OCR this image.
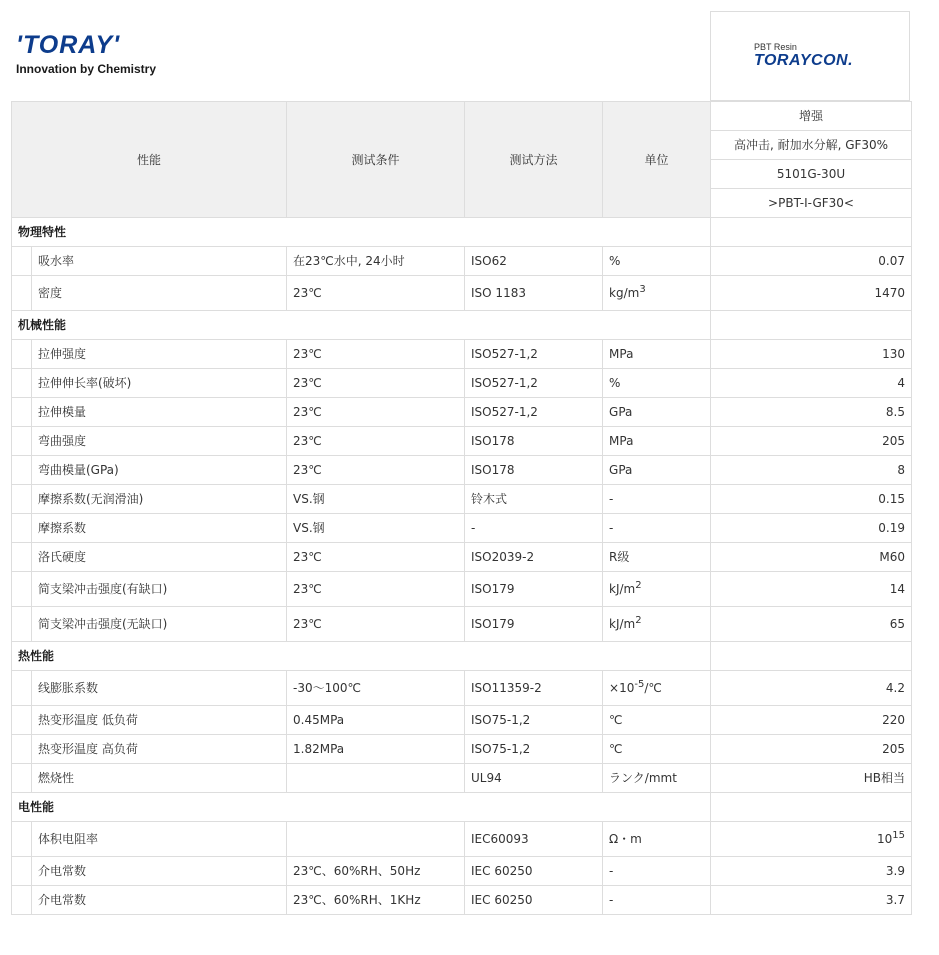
'TORAY'
Innovation by Chemistry
PBT Resin
TORAYCON.
性能		测试条件	测试方法	单位	增强
					高冲击, 耐加水分解, GF30%
					5101G-30U
					>PBT-I-GF30<
物理特性					
	吸水率	在23℃水中, 24小时	ISO62	%	0.07
	密度	23℃	ISO 1183	$kg/m^3$	1470
机械性能					
	拉伸强度	23℃	ISO527-1,2	MPa	130
	拉伸伸长率(破坏)	23℃	ISO527-1,2	%	4
	拉伸模量	23℃	ISO527-1,2	GPa	8.5
	弯曲强度	23℃	ISO178	MPa	205
	弯曲模量(GPa)	23℃	ISO178	GPa	8
	摩擦系数(无润滑油)	VS.钢	铃木式	-	0.15
	摩擦系数	VS.钢	-	-	0.19
	洛氏硬度	23℃	ISO2039-2	R级	M60
	简支梁冲击强度(有缺口)	23℃	ISO179	$kJ/m^2$	14
	简支梁冲击强度(无缺口)	23℃	ISO179	$kJ/m^2$	65
热性能					
	线膨胀系数	-30～100℃	ISO11359-2	$\times 10^{-5}/℃$	4.2
	热变形温度 低负荷	0.45MPa	ISO75-1,2	℃	220
	热变形温度 高负荷	1.82MPa	ISO75-1,2	℃	205
	燃烧性		UL94	ランク/mmt	HB相当
电性能					
	体积电阻率		IEC60093	Ω・m	$10^{15}$
	介电常数	23℃、60%RH、50Hz	IEC 60250	-	3.9
	介电常数	23℃、60%RH、1KHz	IEC 60250	-	3.7
